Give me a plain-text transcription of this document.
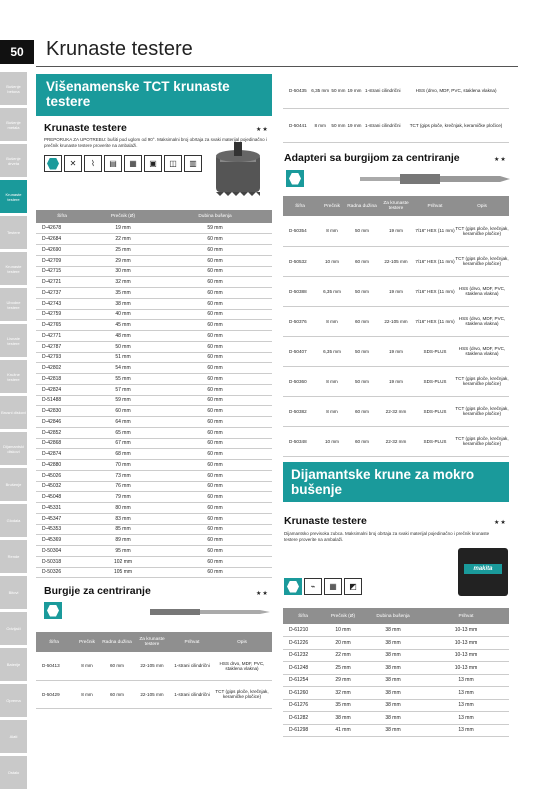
50	Krunaste testere
Bušenje betona
Bušenje metala
Bušenje drveta
Krunaste testere
Testere
Krunaste testere
Ubodne testere
Lisnate testere
Kružne testere
Brusni diskovi
Dijamantski diskovi
Brušenje
Glodala
Rende
Bitovi
Odvijači
Baterije
Oprema
Alati
Ostalo
Višenamenske TCT krunaste testere
Krunaste testere	★★
PREPORUKA ZA UPOTREBU: bušiti pod uglom od 90°. Maksimalni broj obrtaja za svaki materijal pojedinačno i prečnik krunaste testere proverite na ambalaži.
✕	⌇	▤	▦	▣	◫	▥
Šifra	Prečnik (Ø)	Dubina bušenja
D-42678	19 mm	59 mm
D-42684	22 mm	60 mm
D-42690	25 mm	60 mm
D-42709	29 mm	60 mm
D-42715	30 mm	60 mm
D-42721	32 mm	60 mm
D-42737	35 mm	60 mm
D-42743	38 mm	60 mm
D-42759	40 mm	60 mm
D-42765	45 mm	60 mm
D-42771	48 mm	60 mm
D-42787	50 mm	60 mm
D-42793	51 mm	60 mm
D-42802	54 mm	60 mm
D-42818	55 mm	60 mm
D-42824	57 mm	60 mm
D-51488	59 mm	60 mm
D-42830	60 mm	60 mm
D-42846	64 mm	60 mm
D-42852	65 mm	60 mm
D-42868	67 mm	60 mm
D-42874	68 mm	60 mm
D-42880	70 mm	60 mm
D-45026	73 mm	60 mm
D-45032	76 mm	60 mm
D-45048	79 mm	60 mm
D-45331	80 mm	60 mm
D-45347	83 mm	60 mm
D-45353	85 mm	60 mm
D-45369	89 mm	60 mm
D-50304	95 mm	60 mm
D-50318	102 mm	60 mm
D-50326	105 mm	60 mm
Burgije za centriranje	★★
Šifra	Prečnik	Radna dužina	Za krunaste testere	Prihvat	Opis
D-50413	8 mm	60 mm	22-105 mm	1-strani cilindrični	HSS drvo, MDF, PVC, staklena vlakna)
D-50429	8 mm	60 mm	22-105 mm	1-strani cilindrični	TCT (gips ploče, krečnjak, keramičke pločice)
D-50435	6,35 mm	50 mm	19 mm	1-strani cilindrični	HSS (drvo, MDF, PVC, staklena vlakna)
D-50441	8 mm	50 mm	19 mm	1-strani cilindrični	TCT (gips ploče, krečnjak, keramičke pločice)
Adapteri sa burgijom za centriranje	★★
Šifra	Prečnik	Radna dužina	Za krunaste testere	Prihvat	Opis
D-50354	8 mm	50 mm	19 mm	7/16" HEX (11 mm)	TCT (gips ploče, krečnjak, keramičke pločice)
D-50532	10 mm	60 mm	22-105 mm	7/16" HEX (11 mm)	TCT (gips ploče, krečnjak, keramičke pločice)
D-50388	6,35 mm	50 mm	19 mm	7/16" HEX (11 mm)	HSS (drvo, MDF, PVC, staklena vlakna)
D-50376	8 mm	60 mm	22-105 mm	7/16" HEX (11 mm)	HSS (drvo, MDF, PVC, staklena vlakna)
D-50407	6,35 mm	50 mm	19 mm	SDS-PLUS	HSS (drvo, MDF, PVC, staklena vlakna)
D-50360	8 mm	50 mm	19 mm	SDS-PLUS	TCT (gips ploče, krečnjak, keramičke pločice)
D-50382	8 mm	60 mm	22-32 mm	SDS-PLUS	TCT (gips ploče, krečnjak, keramičke pločice)
D-50348	10 mm	60 mm	22-32 mm	SDS-PLUS	TCT (gips ploče, krečnjak, keramičke pločice)
Dijamantske krune za mokro bušenje
Krunaste testere	★★
Dijamantsko previsoka zubca. Maksimalni broj obrtaja za svaki materijal pojedinačno i prečnik krunaste testere proverite na ambalaži.
⌁	▦	◩
makita
Šifra	Prečnik (Ø)	Dubina bušenja	Prihvat
D-61210	10 mm	38 mm	10-13 mm
D-61226	20 mm	38 mm	10-13 mm
D-61232	22 mm	38 mm	10-13 mm
D-61248	25 mm	38 mm	10-13 mm
D-61254	29 mm	38 mm	13 mm
D-61260	32 mm	38 mm	13 mm
D-61276	35 mm	38 mm	13 mm
D-61282	38 mm	38 mm	13 mm
D-61298	41 mm	38 mm	13 mm
